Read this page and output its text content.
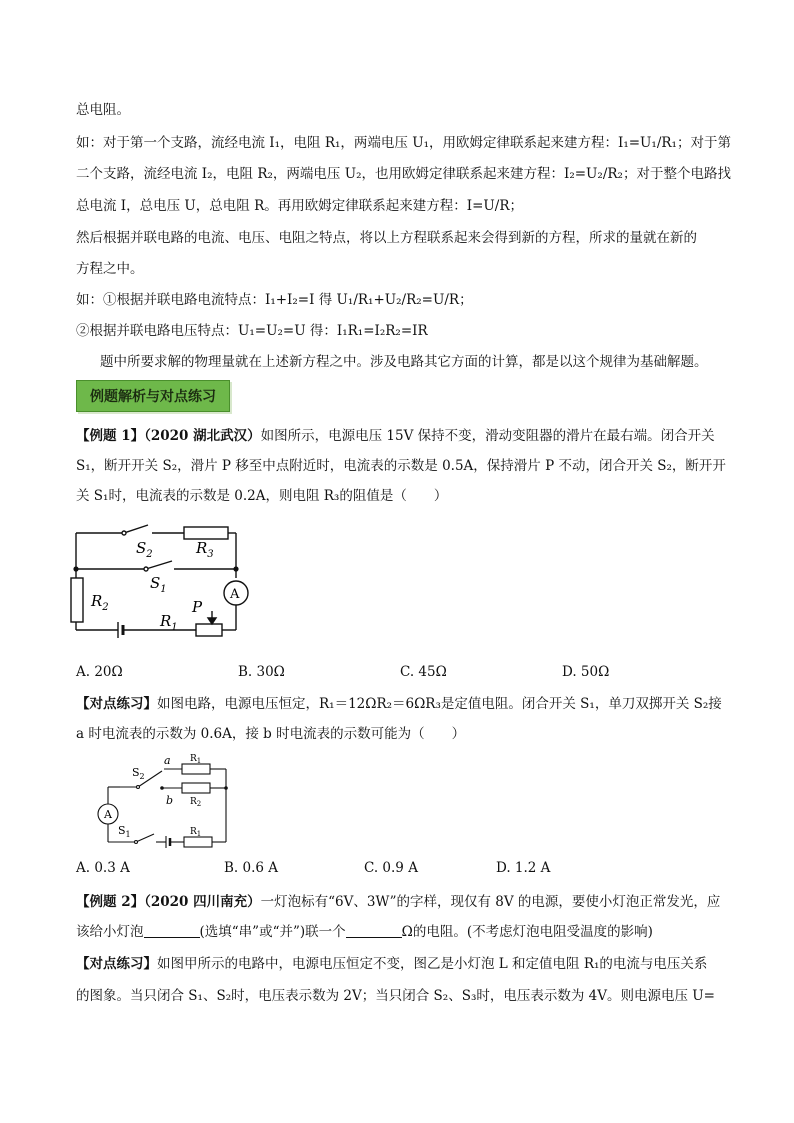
总电阻。
如：对于第一个支路，流经电流 I₁，电阻 R₁，两端电压 U₁，用欧姆定律联系起来建方程：I₁=U₁/R₁；对于第
二个支路，流经电流 I₂，电阻 R₂，两端电压 U₂，也用欧姆定律联系起来建方程：I₂=U₂/R₂；对于整个电路找
总电流 I，总电压 U，总电阻 R。再用欧姆定律联系起来建方程：I=U/R；
然后根据并联电路的电流、电压、电阻之特点，将以上方程联系起来会得到新的方程，所求的量就在新的
方程之中。
如：①根据并联电路电流特点：I₁+I₂=I 得 U₁/R₁+U₂/R₂=U/R；
②根据并联电路电压特点：U₁=U₂=U 得：I₁R₁=I₂R₂=IR
题中所要求解的物理量就在上述新方程之中。涉及电路其它方面的计算，都是以这个规律为基础解题。
例题解析与对点练习
【例题 1】（2020 湖北武汉）如图所示，电源电压 15V 保持不变，滑动变阻器的滑片在最右端。闭合开关
S₁，断开开关 S₂，滑片 P 移至中点附近时，电流表的示数是 0.5A，保持滑片 P 不动，闭合开关 S₂，断开开
关 S₁时，电流表的示数是 0.2A，则电阻 R₃的阻值是（　　）
A
$S_2$	$R_3$
$S_1$
$R_2$
$R_1$
P
A. 20Ω	B. 30Ω	C. 45Ω	D. 50Ω
【对点练习】如图电路，电源电压恒定，R₁＝12ΩR₂＝6ΩR₃是定值电阻。闭合开关 S₁，单刀双掷开关 S₂接
a 时电流表的示数为 0.6A，接 b 时电流表的示数可能为（　　）
A
$S_2$
a
b
$R_1$
$R_2$
$R_1$
$S_1$
A. 0.3 A	B. 0.6 A	C. 0.9 A	D. 1.2 A
【例题 2】（2020 四川南充）一灯泡标有“6V、3W”的字样，现仅有 8V 的电源，要使小灯泡正常发光，应
该给小灯泡	(选填“串”或“并”)联一个	Ω的电阻。(不考虑灯泡电阻受温度的影响)
【对点练习】如图甲所示的电路中，电源电压恒定不变，图乙是小灯泡 L 和定值电阻 R₁的电流与电压关系
的图象。当只闭合 S₁、S₂时，电压表示数为 2V；当只闭合 S₂、S₃时，电压表示数为 4V。则电源电压 U=
